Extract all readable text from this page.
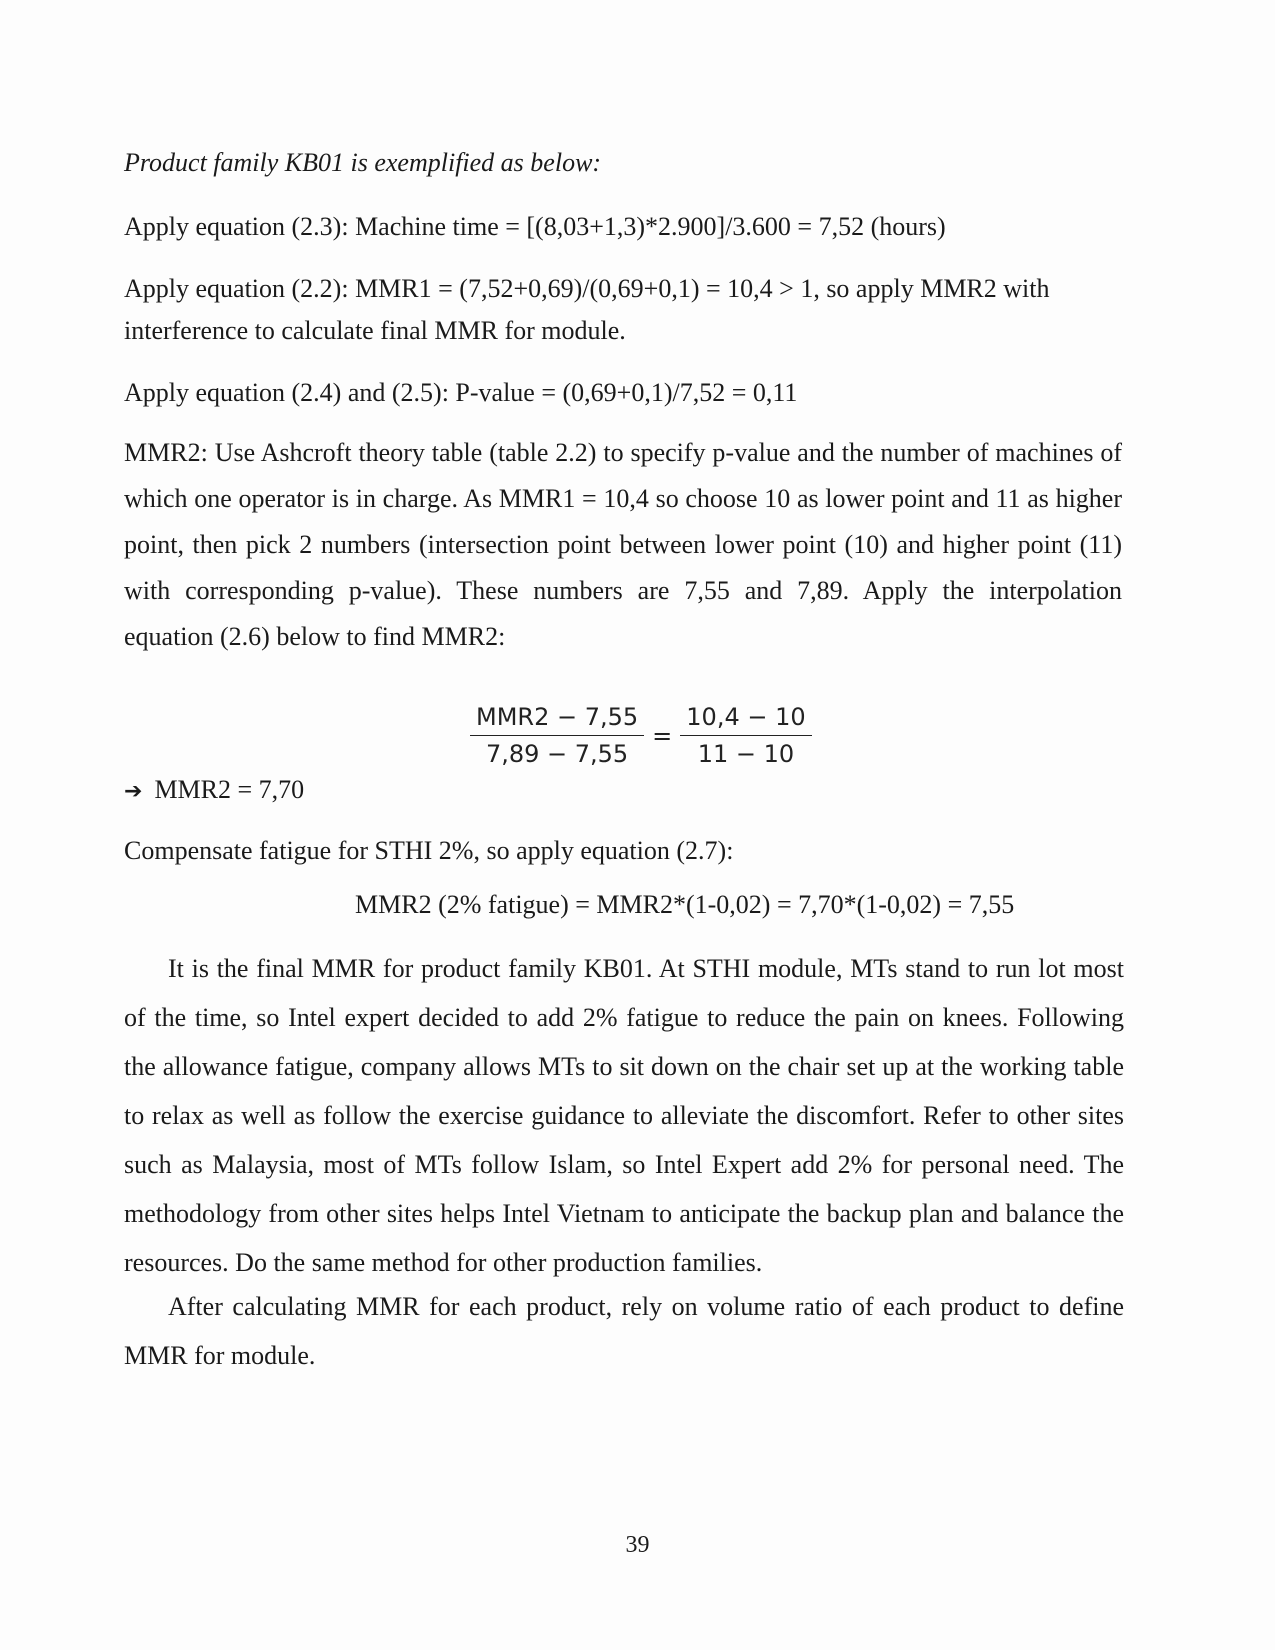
Product family KB01 is exemplified as below:
Apply equation (2.3): Machine time = [(8,03+1,3)*2.900]/3.600 = 7,52 (hours)
Apply equation (2.2): MMR1 = (7,52+0,69)/(0,69+0,1) = 10,4 > 1, so apply MMR2 with
interference to calculate final MMR for module.
Apply equation (2.4) and (2.5): P-value = (0,69+0,1)/7,52 = 0,11
MMR2: Use Ashcroft theory table (table 2.2) to specify p-value and the number of machines of which one operator is in charge. As MMR1 = 10,4 so choose 10 as lower point and 11 as higher point, then pick 2 numbers (intersection point between lower point (10) and higher point (11) with corresponding p-value). These numbers are 7,55 and 7,89. Apply the interpolation equation (2.6) below to find MMR2:
$\frac{\text{MMR2 − 7,55}}{7,89 - 7,55} = \frac{10,4 - 10}{11 - 10}$
➔ MMR2 = 7,70
Compensate fatigue for STHI 2%, so apply equation (2.7):
MMR2 (2% fatigue) = MMR2*(1-0,02) = 7,70*(1-0,02) = 7,55
It is the final MMR for product family KB01. At STHI module, MTs stand to run lot most of the time, so Intel expert decided to add 2% fatigue to reduce the pain on knees. Following the allowance fatigue, company allows MTs to sit down on the chair set up at the working table to relax as well as follow the exercise guidance to alleviate the discomfort. Refer to other sites such as Malaysia, most of MTs follow Islam, so Intel Expert add 2% for personal need. The methodology from other sites helps Intel Vietnam to anticipate the backup plan and balance the resources. Do the same method for other production families.
After calculating MMR for each product, rely on volume ratio of each product to define MMR for module.
39
